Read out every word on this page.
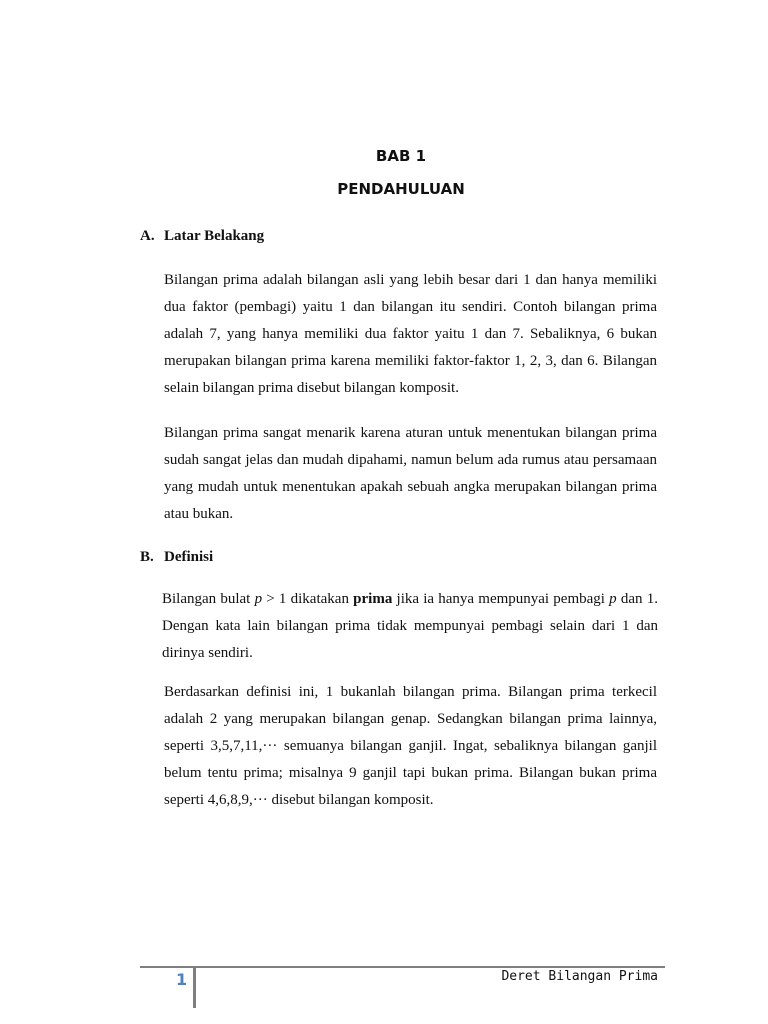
BAB 1
PENDAHULUAN
A. Latar Belakang

Bilangan prima adalah bilangan asli yang lebih besar dari 1 dan hanya memiliki dua faktor (pembagi) yaitu 1 dan bilangan itu sendiri. Contoh bilangan prima adalah 7, yang hanya memiliki dua faktor yaitu 1 dan 7. Sebaliknya, 6 bukan merupakan bilangan prima karena memiliki faktor-faktor 1, 2, 3, dan 6. Bilangan selain bilangan prima disebut bilangan komposit.

Bilangan prima sangat menarik karena aturan untuk menentukan bilangan prima sudah sangat jelas dan mudah dipahami, namun belum ada rumus atau persamaan yang mudah untuk menentukan apakah sebuah angka merupakan bilangan prima atau bukan.

B. Definisi

Bilangan bulat p > 1 dikatakan prima jika ia hanya mempunyai pembagi p dan 1. Dengan kata lain bilangan prima tidak mempunyai pembagi selain dari 1 dan dirinya sendiri.

Berdasarkan definisi ini, 1 bukanlah bilangan prima. Bilangan prima terkecil adalah 2 yang merupakan bilangan genap. Sedangkan bilangan prima lainnya, seperti 3,5,7,11,··· semuanya bilangan ganjil. Ingat, sebaliknya bilangan ganjil belum tentu prima; misalnya 9 ganjil tapi bukan prima. Bilangan bukan prima seperti 4,6,8,9,··· disebut bilangan komposit.

1	Deret Bilangan Prima
